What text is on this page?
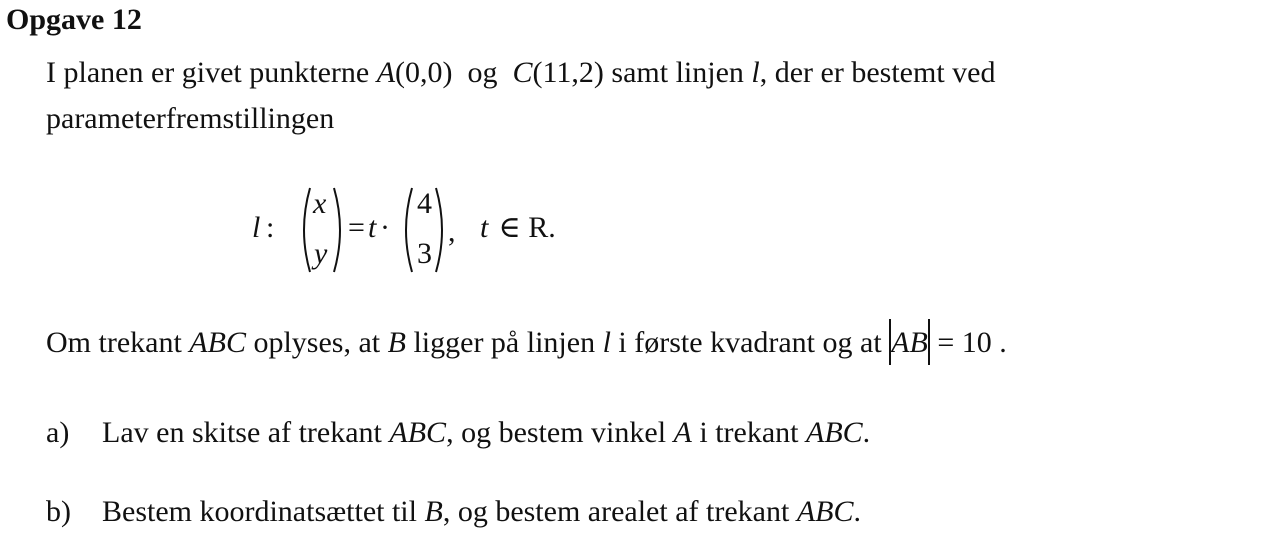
Opgave 12
I planen er givet punkterne A(0,0)  og  C(11,2) samt linjen l, der er bestemt ved
parameterfremstillingen
l :
x
y
= t ·
4
3
, t ∈ R.
Om trekant ABC oplyses, at B ligger på linjen l i første kvadrant og at AB = 10 .
a) Lav en skitse af trekant ABC, og bestem vinkel A i trekant ABC.
b) Bestem koordinatsættet til B, og bestem arealet af trekant ABC.
